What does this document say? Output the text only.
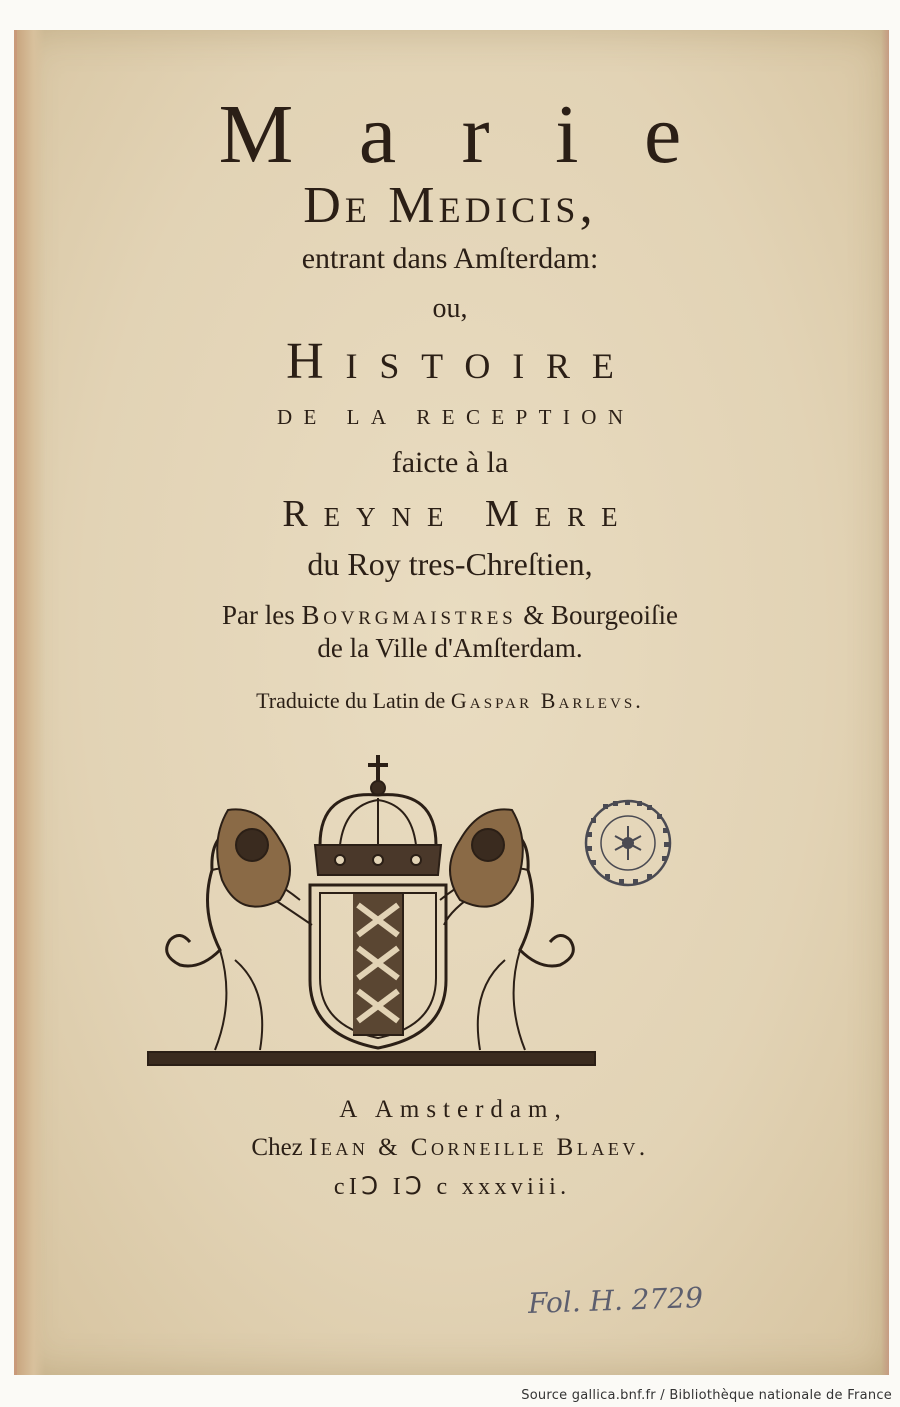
Marie
De Medicis,
entrant dans Amſterdam:
ou,
Histoire
de la reception
faicte à la
Reyne Mere
du Roy tres-Chreſtien,
Par les Bovrgmaistres & Bourgeoiſie
de la Ville d'Amſterdam.
Traduicte du Latin de Gaspar Barlevs.
A Amsterdam,
Chez Iean & Corneille Blaev.
cIↃ IↃ c xxxviii.
Fol. H. 2729
Source gallica.bnf.fr / Bibliothèque nationale de France
